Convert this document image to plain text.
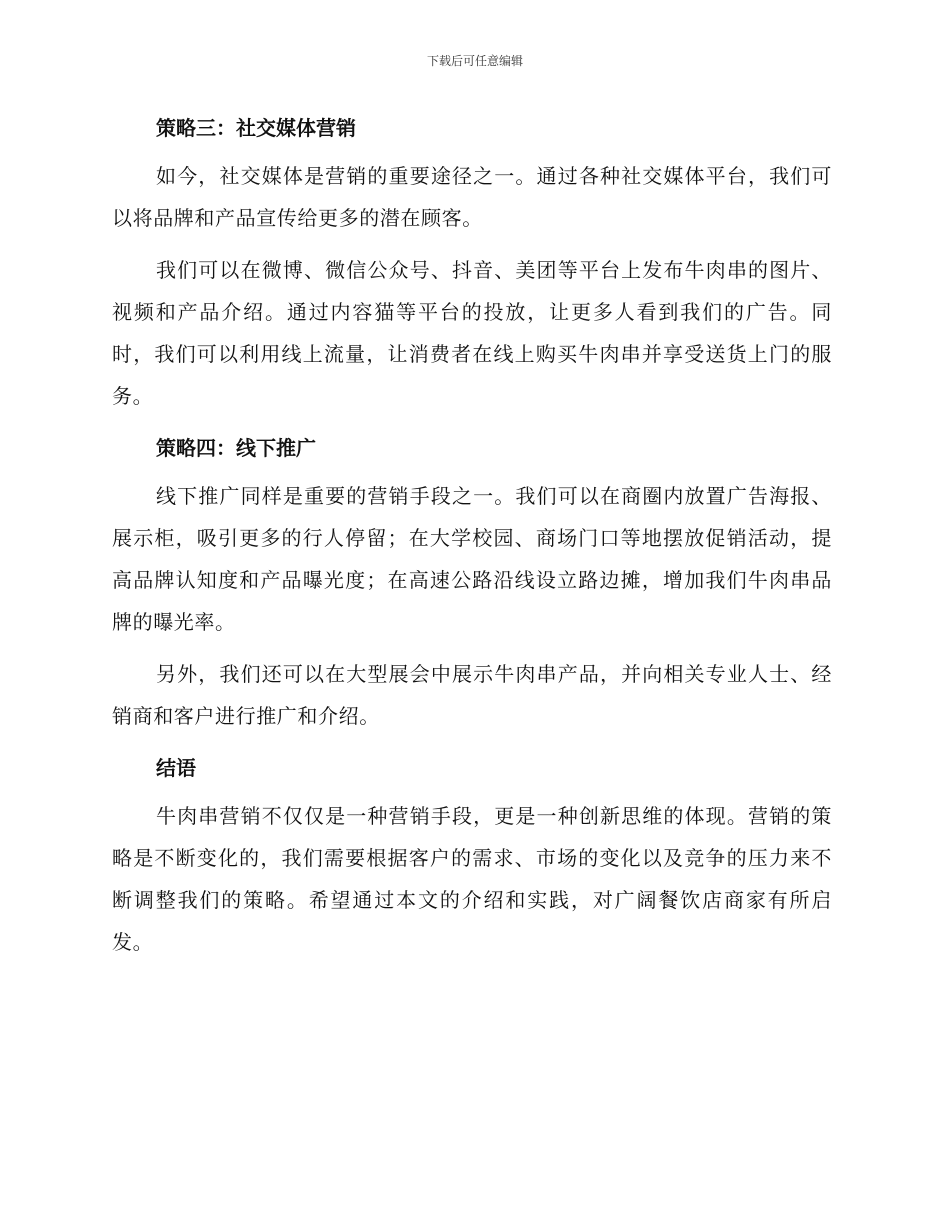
下载后可任意编辑
策略三：社交媒体营销

如今，社交媒体是营销的重要途径之一。通过各种社交媒体平台，我们可以将品牌和产品宣传给更多的潜在顾客。

我们可以在微博、微信公众号、抖音、美团等平台上发布牛肉串的图片、视频和产品介绍。通过内容猫等平台的投放，让更多人看到我们的广告。同时，我们可以利用线上流量，让消费者在线上购买牛肉串并享受送货上门的服务。

策略四：线下推广

线下推广同样是重要的营销手段之一。我们可以在商圈内放置广告海报、展示柜，吸引更多的行人停留；在大学校园、商场门口等地摆放促销活动，提高品牌认知度和产品曝光度；在高速公路沿线设立路边摊，增加我们牛肉串品牌的曝光率。

另外，我们还可以在大型展会中展示牛肉串产品，并向相关专业人士、经销商和客户进行推广和介绍。

结语

牛肉串营销不仅仅是一种营销手段，更是一种创新思维的体现。营销的策略是不断变化的，我们需要根据客户的需求、市场的变化以及竞争的压力来不断调整我们的策略。希望通过本文的介绍和实践，对广阔餐饮店商家有所启发。
